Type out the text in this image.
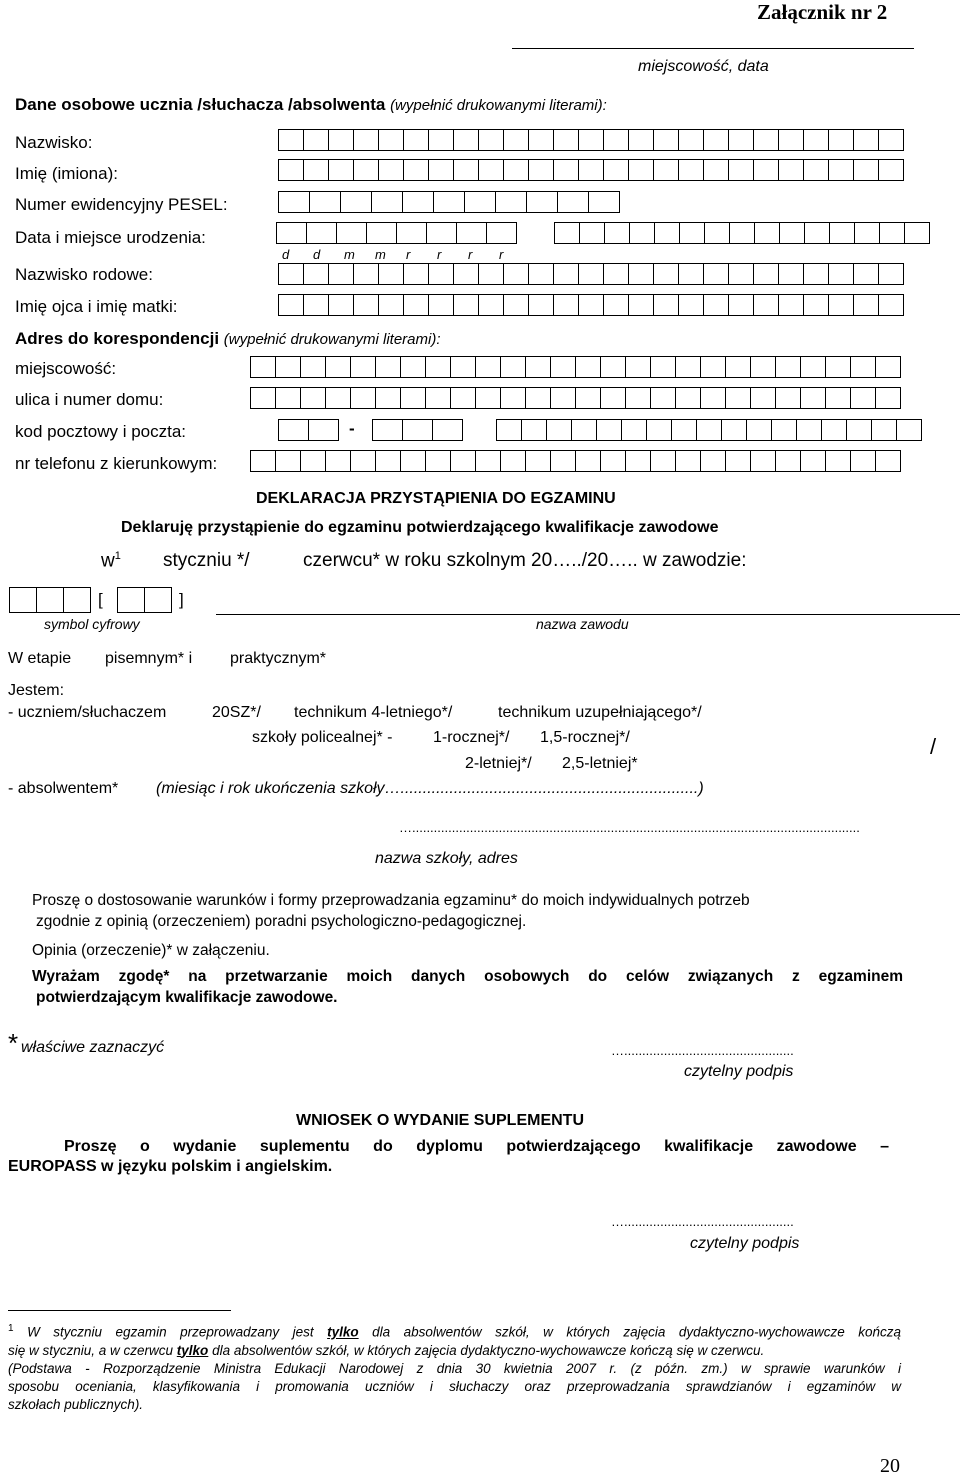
Załącznik nr 2
miejscowość, data
Dane osobowe ucznia /słuchacza /absolwenta (wypełnić drukowanymi literami):
Nazwisko:
Imię (imiona):
Numer ewidencyjny PESEL:
Data i miejsce urodzenia:
d	d	m	m	r	r	r	r
Nazwisko rodowe:
Imię ojca i imię matki:
Adres do korespondencji (wypełnić drukowanymi literami):
miejscowość:
ulica i numer domu:
kod pocztowy i poczta:	-
nr telefonu z kierunkowym:
DEKLARACJA PRZYSTĄPIENIA DO EGZAMINU
Deklaruję przystąpienie do egzaminu potwierdzającego kwalifikacje zawodowe
$w^1$ styczniu */	czerwcu* w roku szkolnym 20…../20….. w zawodzie:
[	]
symbol cyfrowy	nazwa zawodu
W etapie pisemnym* i praktycznym*
Jestem:
- uczniem/słuchaczem	20SZ*/ technikum 4-letniego*/	technikum uzupełniającego*/
szkoły policealnej* -	1-rocznej*/ 1,5-rocznej*/
2-letniej*/ 2,5-letniej*
/
- absolwentem* (miesiąc i rok ukończenia szkoły…...................................................................)
…............................................................................................................................
nazwa szkoły, adres
Proszę o dostosowanie warunków i formy przeprowadzania egzaminu* do moich indywidualnych potrzeb
zgodnie z opinią (orzeczeniem) poradni psychologiczno-pedagogicznej.
Opinia (orzeczenie)* w załączeniu.
Wyrażam zgodę* na przetwarzanie moich danych osobowych do celów związanych z egzaminem
potwierdzającym kwalifikacje zawodowe.
* właściwe zaznaczyć	…...............................................
czytelny podpis
WNIOSEK O WYDANIE SUPLEMENTU
Proszę o wydanie suplementu do dyplomu potwierdzającego kwalifikacje zawodowe –
EUROPASS w języku polskim i angielskim.
…...............................................
czytelny podpis
$^1$ W styczniu egzamin przeprowadzany jest tylko dla absolwentów szkół, w których zajęcia dydaktyczno-wychowawcze kończą
się w styczniu, a w czerwcu tylko dla absolwentów szkół, w których zajęcia dydaktyczno-wychowawcze kończą się w czerwcu.
(Podstawa - Rozporządzenie Ministra Edukacji Narodowej z dnia 30 kwietnia 2007 r. (z późn. zm.) w sprawie warunków i
sposobu oceniania, klasyfikowania i promowania uczniów i słuchaczy oraz przeprowadzania sprawdzianów i egzaminów w
szkołach publicznych).
20
